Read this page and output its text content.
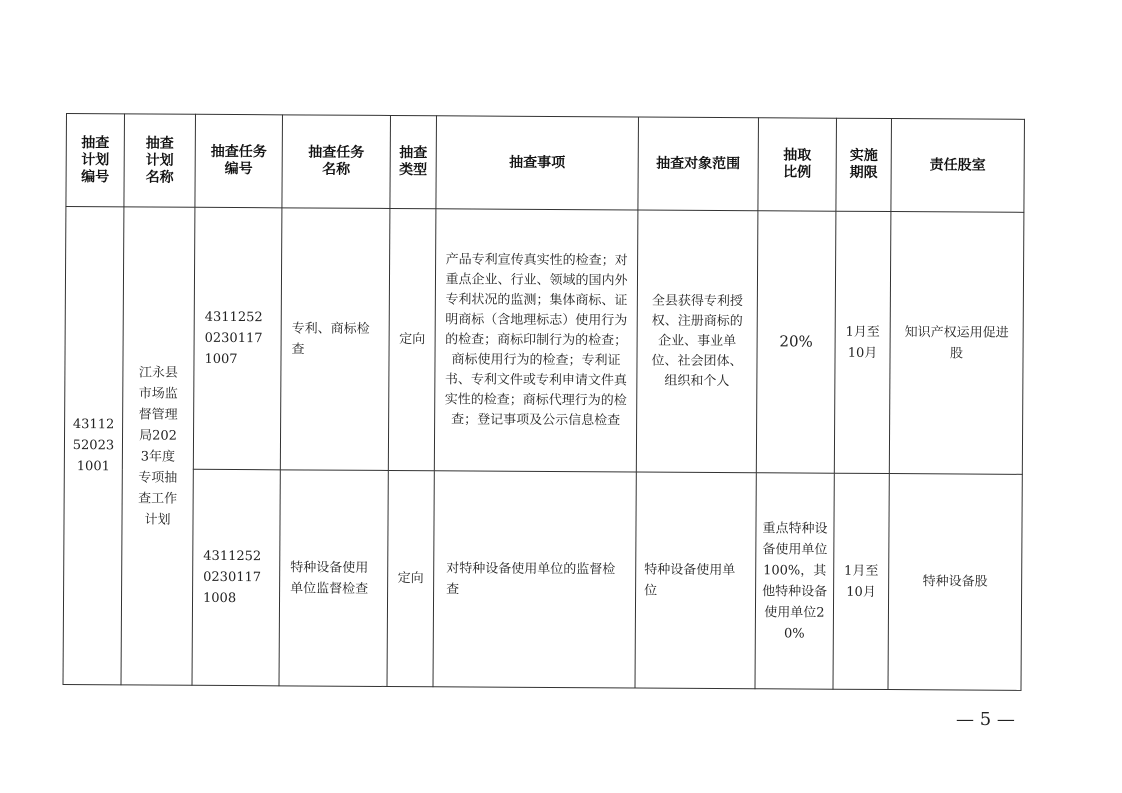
抽查计划编号	抽查计划名称	抽查任务编号	抽查任务名称	抽查类型	抽查事项	抽查对象范围	抽取比例	实施期限	责任股室
43112520231001	江永县市场监督管理局2023年度专项抽查工作计划	431125202301171007	专利、商标检查	定向	产品专利宣传真实性的检查；对重点企业、行业、领域的国内外专利状况的监测；集体商标、证明商标（含地理标志）使用行为的检查；商标印制行为的检查；商标使用行为的检查；专利证书、专利文件或专利申请文件真实性的检查；商标代理行为的检查；登记事项及公示信息检查	全县获得专利授权、注册商标的企业、事业单位、社会团体、组织和个人	20%	1月至10月	知识产权运用促进股
		431125202301171008	特种设备使用单位监督检查	定向	对特种设备使用单位的监督检查	特种设备使用单位	重点特种设备使用单位100%，其他特种设备使用单位20%	1月至10月	特种设备股
— 5 —
